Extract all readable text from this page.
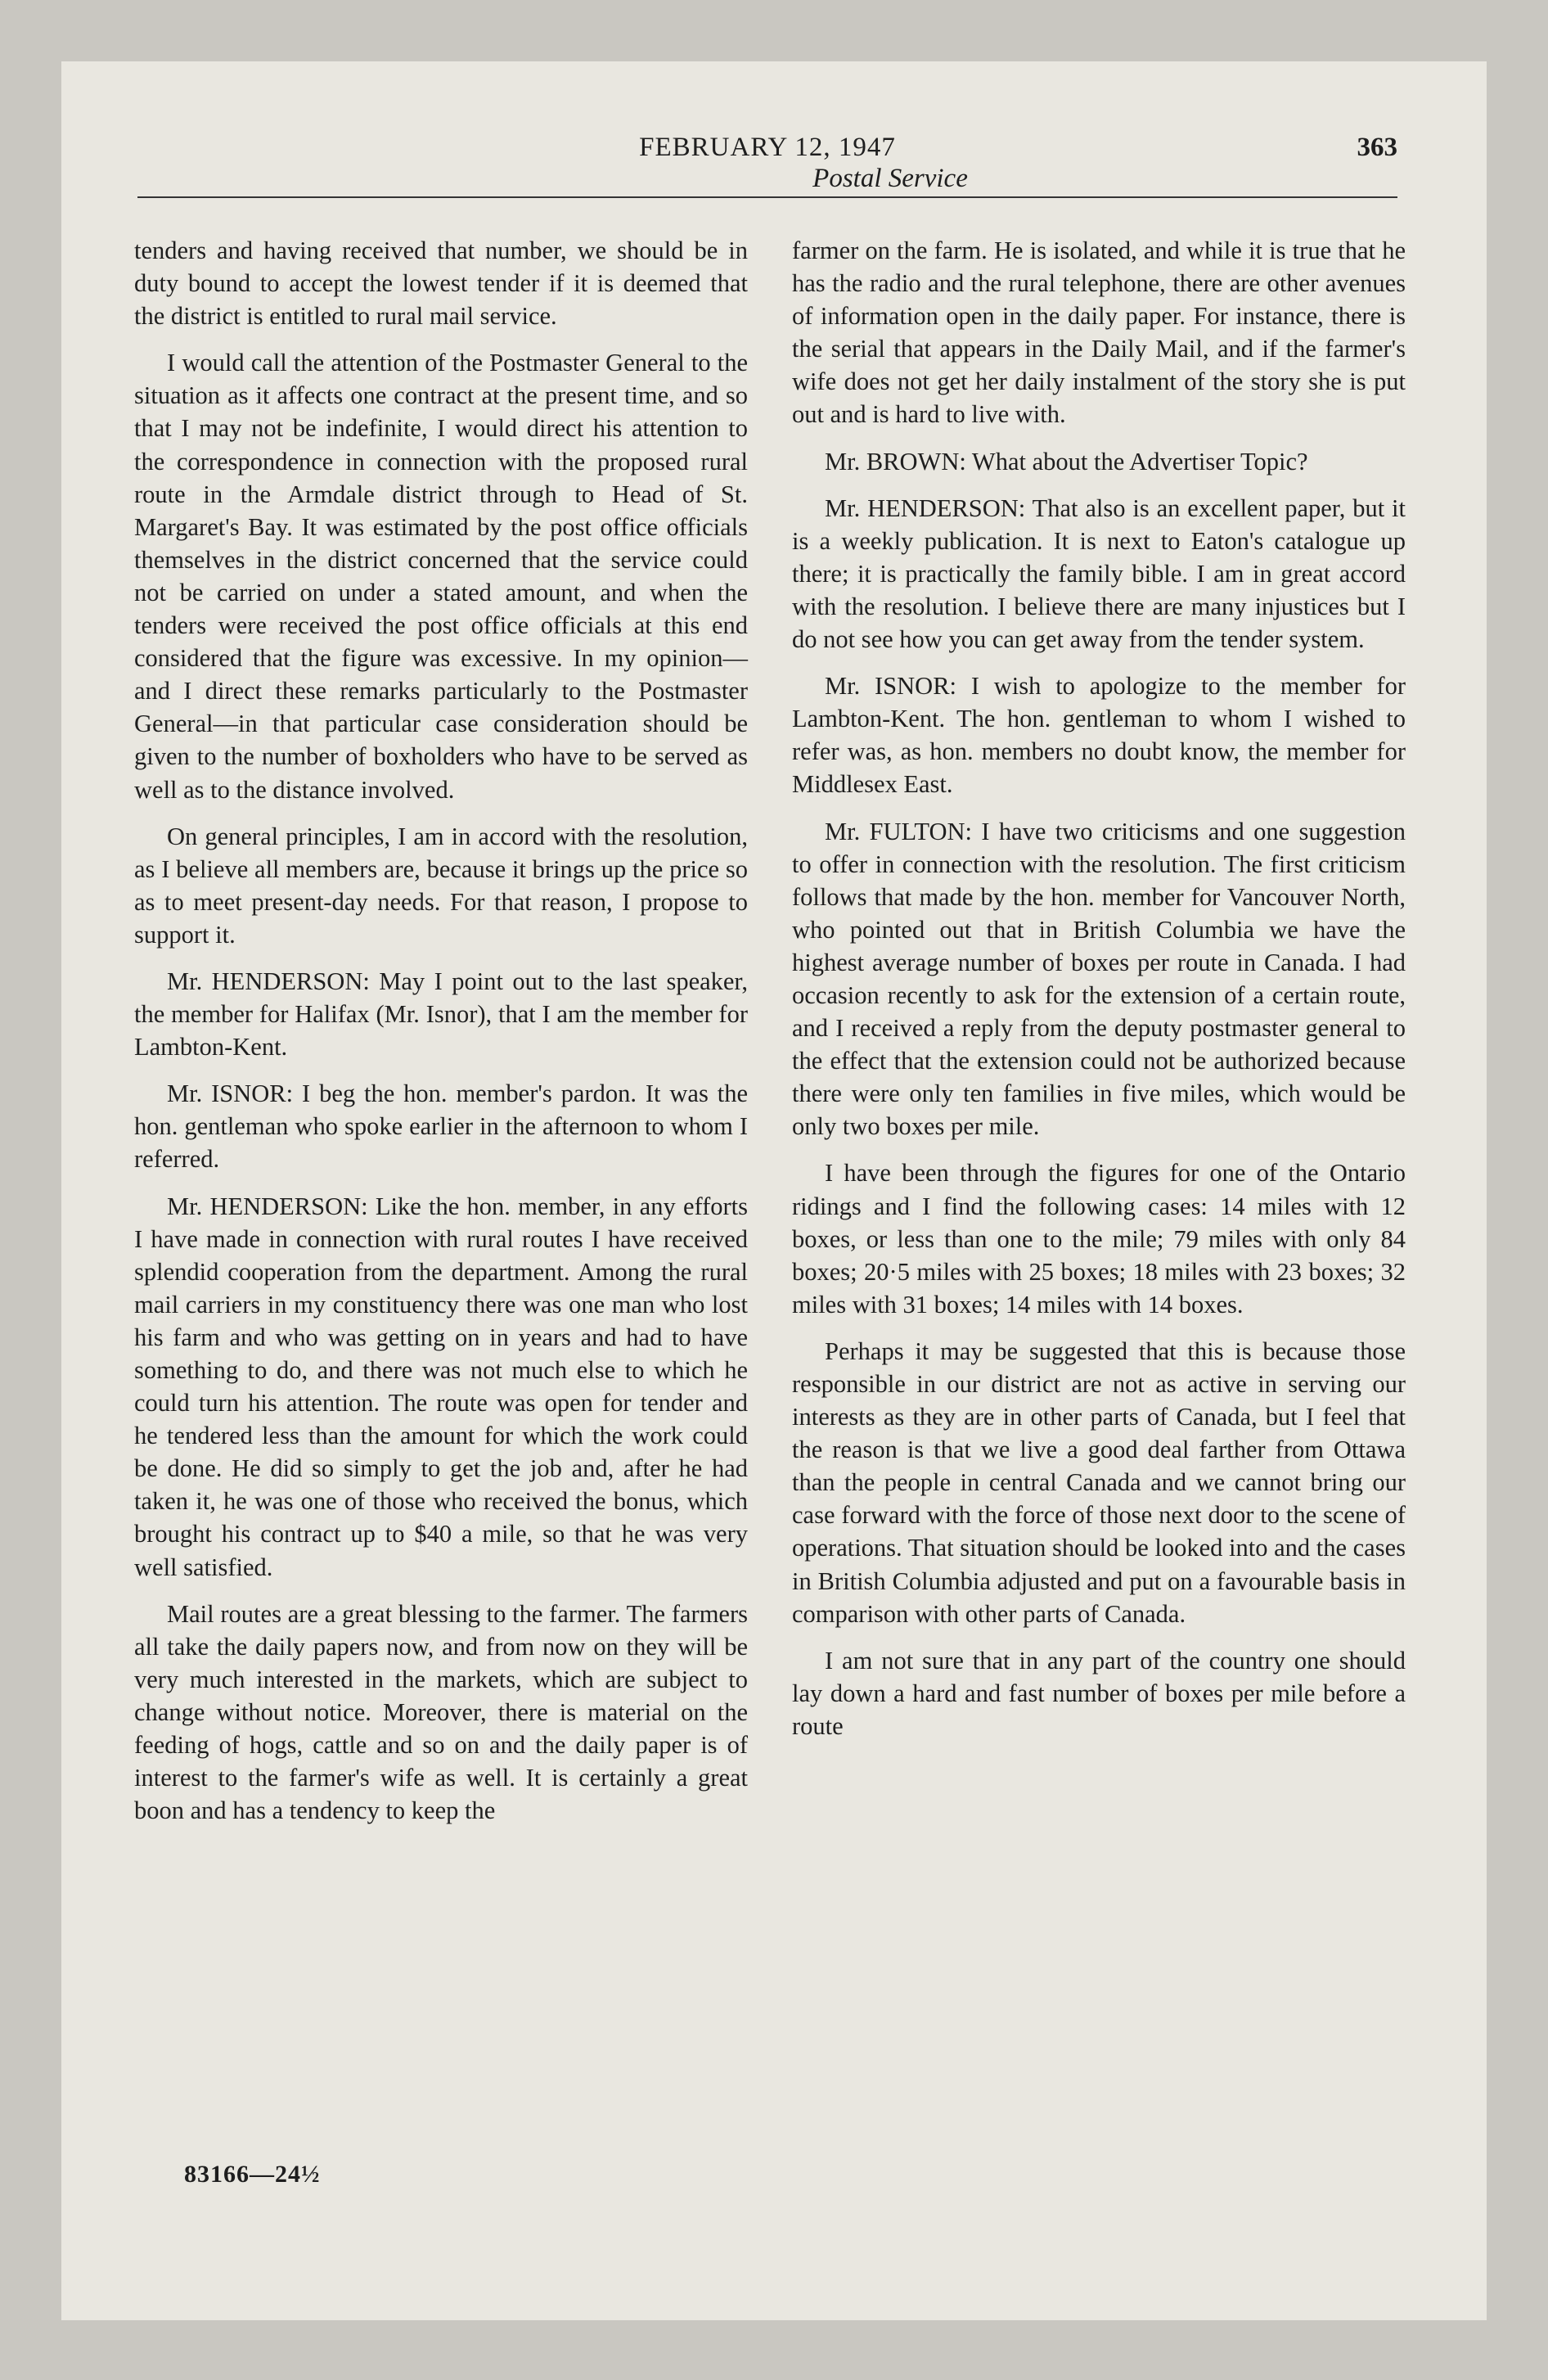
FEBRUARY 12, 1947
Postal Service
363

tenders and having received that number, we should be in duty bound to accept the lowest tender if it is deemed that the district is entitled to rural mail service.

I would call the attention of the Postmaster General to the situation as it affects one contract at the present time, and so that I may not be indefinite, I would direct his attention to the correspondence in connection with the proposed rural route in the Armdale district through to Head of St. Margaret's Bay. It was estimated by the post office officials themselves in the district concerned that the service could not be carried on under a stated amount, and when the tenders were received the post office officials at this end considered that the figure was excessive. In my opinion—and I direct these remarks particularly to the Postmaster General—in that particular case consideration should be given to the number of boxholders who have to be served as well as to the distance involved.

On general principles, I am in accord with the resolution, as I believe all members are, because it brings up the price so as to meet present-day needs. For that reason, I propose to support it.

Mr. HENDERSON: May I point out to the last speaker, the member for Halifax (Mr. Isnor), that I am the member for Lambton-Kent.

Mr. ISNOR: I beg the hon. member's pardon. It was the hon. gentleman who spoke earlier in the afternoon to whom I referred.

Mr. HENDERSON: Like the hon. member, in any efforts I have made in connection with rural routes I have received splendid cooperation from the department. Among the rural mail carriers in my constituency there was one man who lost his farm and who was getting on in years and had to have something to do, and there was not much else to which he could turn his attention. The route was open for tender and he tendered less than the amount for which the work could be done. He did so simply to get the job and, after he had taken it, he was one of those who received the bonus, which brought his contract up to $40 a mile, so that he was very well satisfied.

Mail routes are a great blessing to the farmer. The farmers all take the daily papers now, and from now on they will be very much interested in the markets, which are subject to change without notice. Moreover, there is material on the feeding of hogs, cattle and so on and the daily paper is of interest to the farmer's wife as well. It is certainly a great boon and has a tendency to keep the

farmer on the farm. He is isolated, and while it is true that he has the radio and the rural telephone, there are other avenues of information open in the daily paper. For instance, there is the serial that appears in the Daily Mail, and if the farmer's wife does not get her daily instalment of the story she is put out and is hard to live with.

Mr. BROWN: What about the Advertiser Topic?

Mr. HENDERSON: That also is an excellent paper, but it is a weekly publication. It is next to Eaton's catalogue up there; it is practically the family bible. I am in great accord with the resolution. I believe there are many injustices but I do not see how you can get away from the tender system.

Mr. ISNOR: I wish to apologize to the member for Lambton-Kent. The hon. gentleman to whom I wished to refer was, as hon. members no doubt know, the member for Middlesex East.

Mr. FULTON: I have two criticisms and one suggestion to offer in connection with the resolution. The first criticism follows that made by the hon. member for Vancouver North, who pointed out that in British Columbia we have the highest average number of boxes per route in Canada. I had occasion recently to ask for the extension of a certain route, and I received a reply from the deputy postmaster general to the effect that the extension could not be authorized because there were only ten families in five miles, which would be only two boxes per mile.

I have been through the figures for one of the Ontario ridings and I find the following cases: 14 miles with 12 boxes, or less than one to the mile; 79 miles with only 84 boxes; 20·5 miles with 25 boxes; 18 miles with 23 boxes; 32 miles with 31 boxes; 14 miles with 14 boxes.

Perhaps it may be suggested that this is because those responsible in our district are not as active in serving our interests as they are in other parts of Canada, but I feel that the reason is that we live a good deal farther from Ottawa than the people in central Canada and we cannot bring our case forward with the force of those next door to the scene of operations. That situation should be looked into and the cases in British Columbia adjusted and put on a favourable basis in comparison with other parts of Canada.

I am not sure that in any part of the country one should lay down a hard and fast number of boxes per mile before a route

83166—24½
